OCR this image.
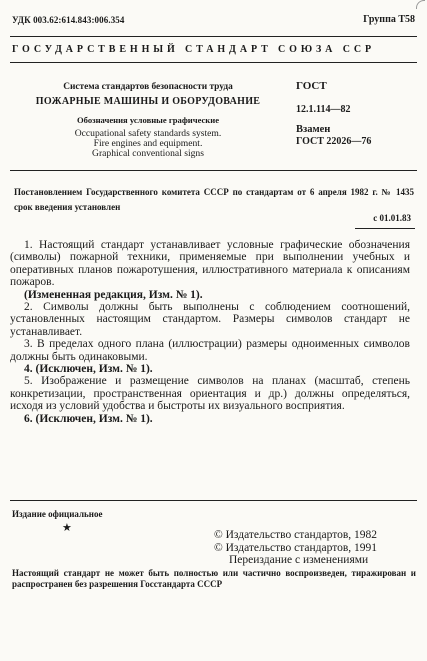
УДК 003.62:614.843:006.354	Группа Т58
ГОСУДАРСТВЕННЫЙ СТАНДАРТ СОЮЗА ССР
Система стандартов безопасности труда
ПОЖАРНЫЕ МАШИНЫ И ОБОРУДОВАНИЕ
Обозначения условные графические
Occupational safety standards system.
Fire engines and equipment.
Graphical conventional signs
ГОСТ
12.1.114—82
Взамен
ГОСТ 22026—76
Постановлением Государственного комитета СССР по стандартам от 6 апреля 1982 г. № 1435 срок введения установлен
с 01.01.83
1. Настоящий стандарт устанавливает условные графические обозначения (символы) пожарной техники, применяемые при выполнении учебных и оперативных планов пожаротушения, иллюстративного материала к описаниям пожаров.
(Измененная редакция, Изм. № 1).
2. Символы должны быть выполнены с соблюдением соотношений, установленных настоящим стандартом. Размеры символов стандарт не устанавливает.
3. В пределах одного плана (иллюстрации) размеры одноименных символов должны быть одинаковыми.
4. (Исключен, Изм. № 1).
5. Изображение и размещение символов на планах (масштаб, степень конкретизации, пространственная ориентация и др.) должны определяться, исходя из условий удобства и быстроты их визуального восприятия.
6. (Исключен, Изм. № 1).
Издание официальное
★
© Издательство стандартов, 1982
© Издательство стандартов, 1991
Переиздание с изменениями
Настоящий стандарт не может быть полностью или частично воспроизведен, тиражирован и распространен без разрешения Госстандарта СССР
